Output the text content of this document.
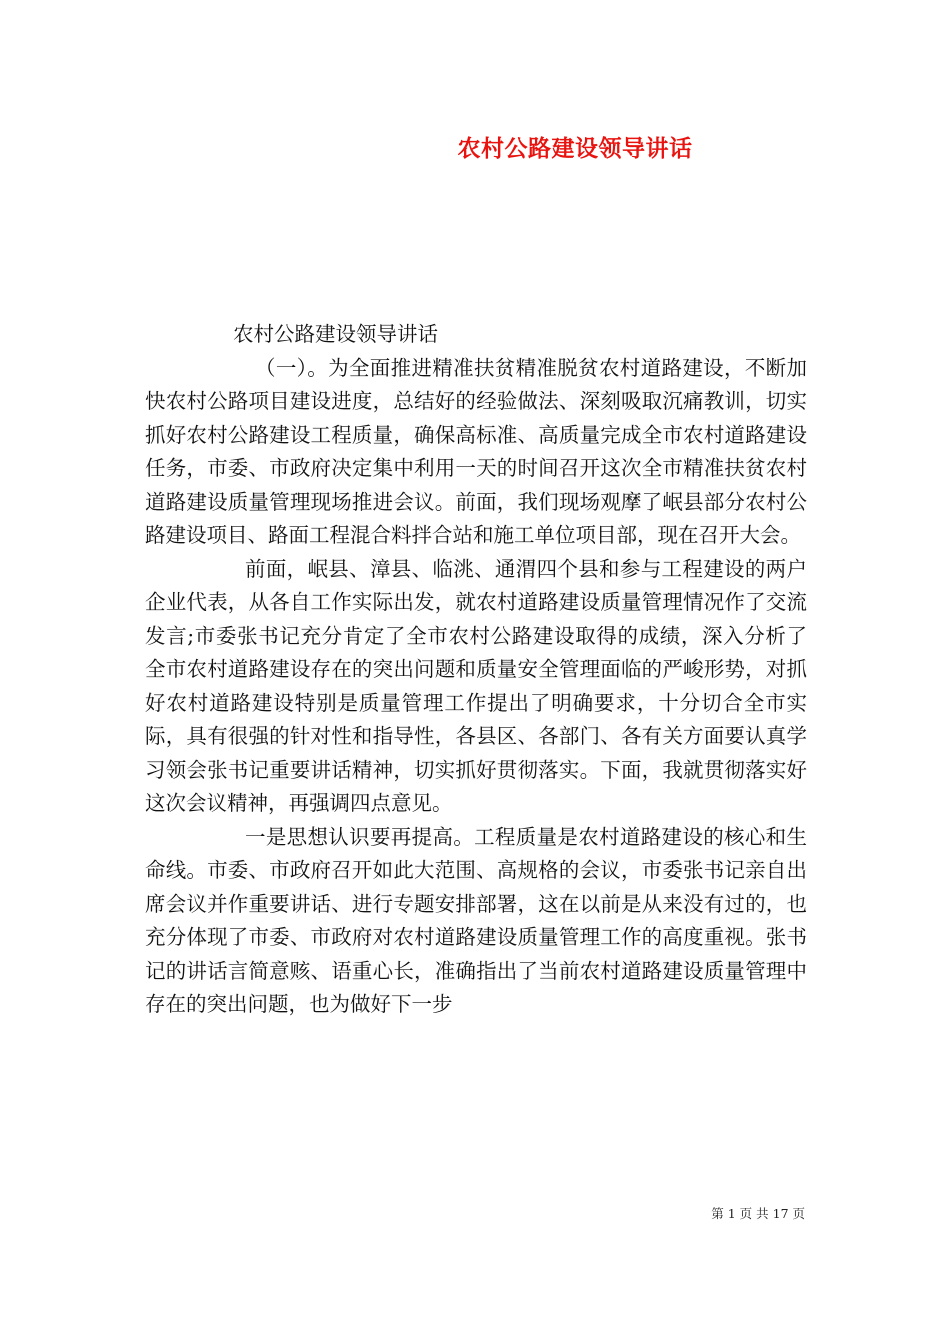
农村公路建设领导讲话

农村公路建设领导讲话

（一）。为全面推进精准扶贫精准脱贫农村道路建设，不断加快农村公路项目建设进度，总结好的经验做法、深刻吸取沉痛教训，切实抓好农村公路建设工程质量，确保高标准、高质量完成全市农村道路建设任务，市委、市政府决定集中利用一天的时间召开这次全市精准扶贫农村道路建设质量管理现场推进会议。前面，我们现场观摩了岷县部分农村公路建设项目、路面工程混合料拌合站和施工单位项目部，现在召开大会。

前面，岷县、漳县、临洮、通渭四个县和参与工程建设的两户企业代表，从各自工作实际出发，就农村道路建设质量管理情况作了交流发言;市委张书记充分肯定了全市农村公路建设取得的成绩，深入分析了全市农村道路建设存在的突出问题和质量安全管理面临的严峻形势，对抓好农村道路建设特别是质量管理工作提出了明确要求，十分切合全市实际，具有很强的针对性和指导性，各县区、各部门、各有关方面要认真学习领会张书记重要讲话精神，切实抓好贯彻落实。下面，我就贯彻落实好这次会议精神，再强调四点意见。

一是思想认识要再提高。工程质量是农村道路建设的核心和生命线。市委、市政府召开如此大范围、高规格的会议，市委张书记亲自出席会议并作重要讲话、进行专题安排部署，这在以前是从来没有过的，也充分体现了市委、市政府对农村道路建设质量管理工作的高度重视。张书记的讲话言简意赅、语重心长，准确指出了当前农村道路建设质量管理中存在的突出问题，也为做好下一步

第 1 页 共 17 页
